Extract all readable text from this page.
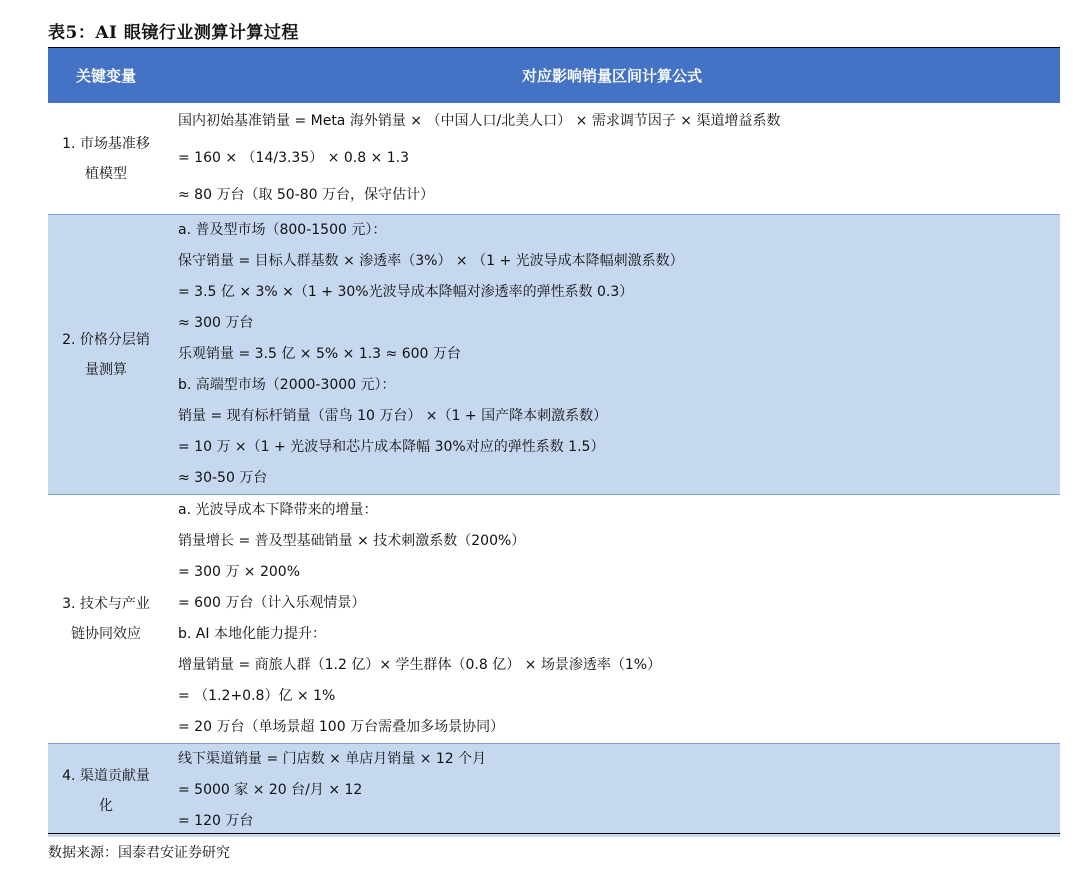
表5：AI 眼镜行业测算计算过程
关键变量	对应影响销量区间计算公式
1. 市场基准移植模型
国内初始基准销量 = Meta 海外销量 × （中国人口/北美人口） × 需求调节因子 × 渠道增益系数
= 160 × （14/3.35） × 0.8 × 1.3
≈ 80 万台（取 50-80 万台，保守估计）
2. 价格分层销量测算
a. 普及型市场（800-1500 元）：
保守销量 = 目标人群基数 × 渗透率（3%） × （1 + 光波导成本降幅刺激系数）
= 3.5 亿 × 3% ×（1 + 30%光波导成本降幅对渗透率的弹性系数 0.3）
≈ 300 万台
乐观销量 = 3.5 亿 × 5% × 1.3 ≈ 600 万台
b. 高端型市场（2000-3000 元）：
销量 = 现有标杆销量（雷鸟 10 万台） ×（1 + 国产降本刺激系数）
= 10 万 ×（1 + 光波导和芯片成本降幅 30%对应的弹性系数 1.5）
≈ 30-50 万台
3. 技术与产业链协同效应
a. 光波导成本下降带来的增量：
销量增长 = 普及型基础销量 × 技术刺激系数（200%）
= 300 万 × 200%
= 600 万台（计入乐观情景）
b. AI 本地化能力提升：
增量销量 = 商旅人群（1.2 亿）× 学生群体（0.8 亿） × 场景渗透率（1%）
= （1.2+0.8）亿 × 1%
= 20 万台（单场景超 100 万台需叠加多场景协同）
4. 渠道贡献量化
线下渠道销量 = 门店数 × 单店月销量 × 12 个月
= 5000 家 × 20 台/月 × 12
= 120 万台
数据来源：国泰君安证券研究
